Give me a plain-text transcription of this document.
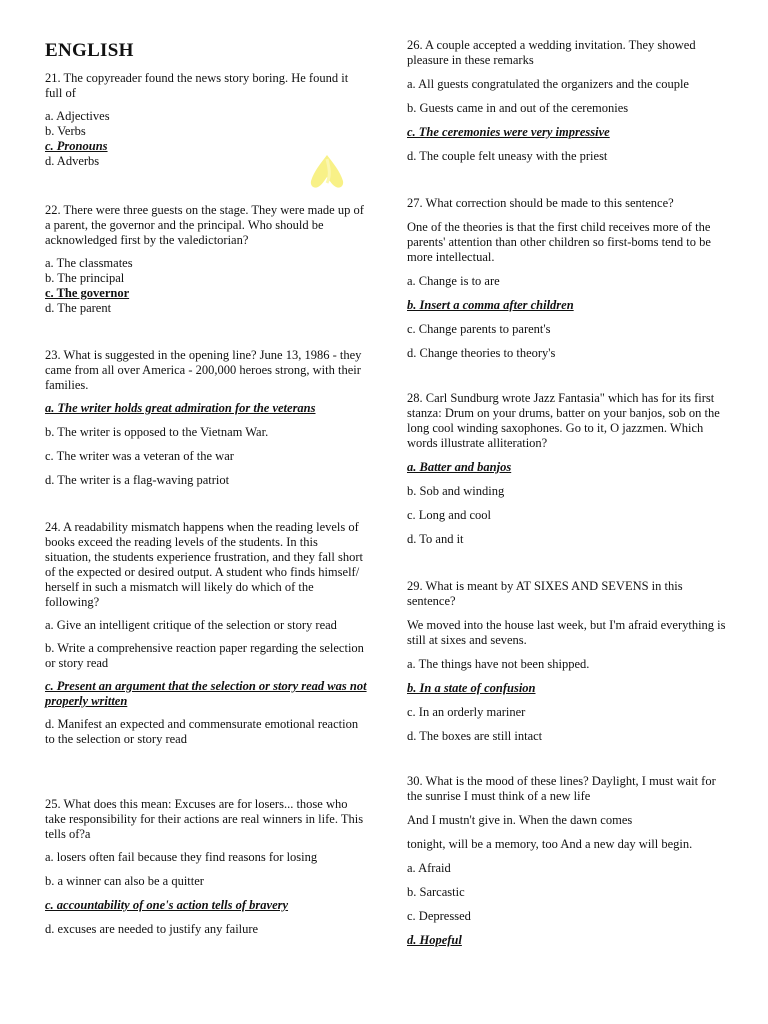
ENGLISH

21. The copyreader found the news story boring. He found it full of

a. Adjectives

b. Verbs

c. Pronouns

d. Adverbs

22. There were three guests on the stage. They were made up of a parent, the governor and the principal. Who should be acknowledged first by the valedictorian?

a. The classmates

b. The principal

c. The governor

d. The parent

23. What is suggested in the opening line? June 13, 1986 - they came from all over America - 200,000 heroes strong, with their families.

a. The writer holds great admiration for the veterans

b. The writer is opposed to the Vietnam War.

c. The writer was a veteran of the war

d. The writer is a flag-waving patriot

24. A readability mismatch happens when the reading levels of books exceed the reading levels of the students. In this situation, the students experience frustration, and they fall short of the expected or desired output. A student who finds himself/ herself in such a mismatch will likely do which of the following?

a. Give an intelligent critique of the selection or story read

b. Write a comprehensive reaction paper regarding the selection or story read

c. Present an argument that the selection or story read was not properly written

d. Manifest an expected and commensurate emotional reaction to the selection or story read

25. What does this mean: Excuses are for losers... those who take responsibility for their actions are real winners in life. This tells of?a

a. losers often fail because they find reasons for losing

b. a winner can also be a quitter

c. accountability of one's action tells of bravery

d. excuses are needed to justify any failure

26. A couple accepted a wedding invitation. They showed pleasure in these remarks

a. All guests congratulated the organizers and the couple

b. Guests came in and out of the ceremonies

c. The ceremonies were very impressive

d. The couple felt uneasy with the priest

27. What correction should be made to this sentence?

One of the theories is that the first child receives more of the parents' attention than other children so first-boms tend to be more intellectual.

a. Change is to are

b. Insert a comma after children

c. Change parents to parent's

d. Change theories to theory's

28. Carl Sundburg wrote Jazz Fantasia" which has for its first stanza: Drum on your drums, batter on your banjos, sob on the long cool winding saxophones. Go to it, O jazzmen. Which words illustrate alliteration?

a. Batter and banjos

b. Sob and winding

c. Long and cool

d. To and it

29. What is meant by AT SIXES AND SEVENS in this sentence?

We moved into the house last week, but I'm afraid everything is still at sixes and sevens.

a. The things have not been shipped.

b. In a state of confusion

c. In an orderly mariner

d. The boxes are still intact

30. What is the mood of these lines? Daylight, I must wait for the sunrise I must think of a new life

And I mustn't give in. When the dawn comes

tonight, will be a memory, too And a new day will begin.

a. Afraid

b. Sarcastic

c. Depressed

d. Hopeful
